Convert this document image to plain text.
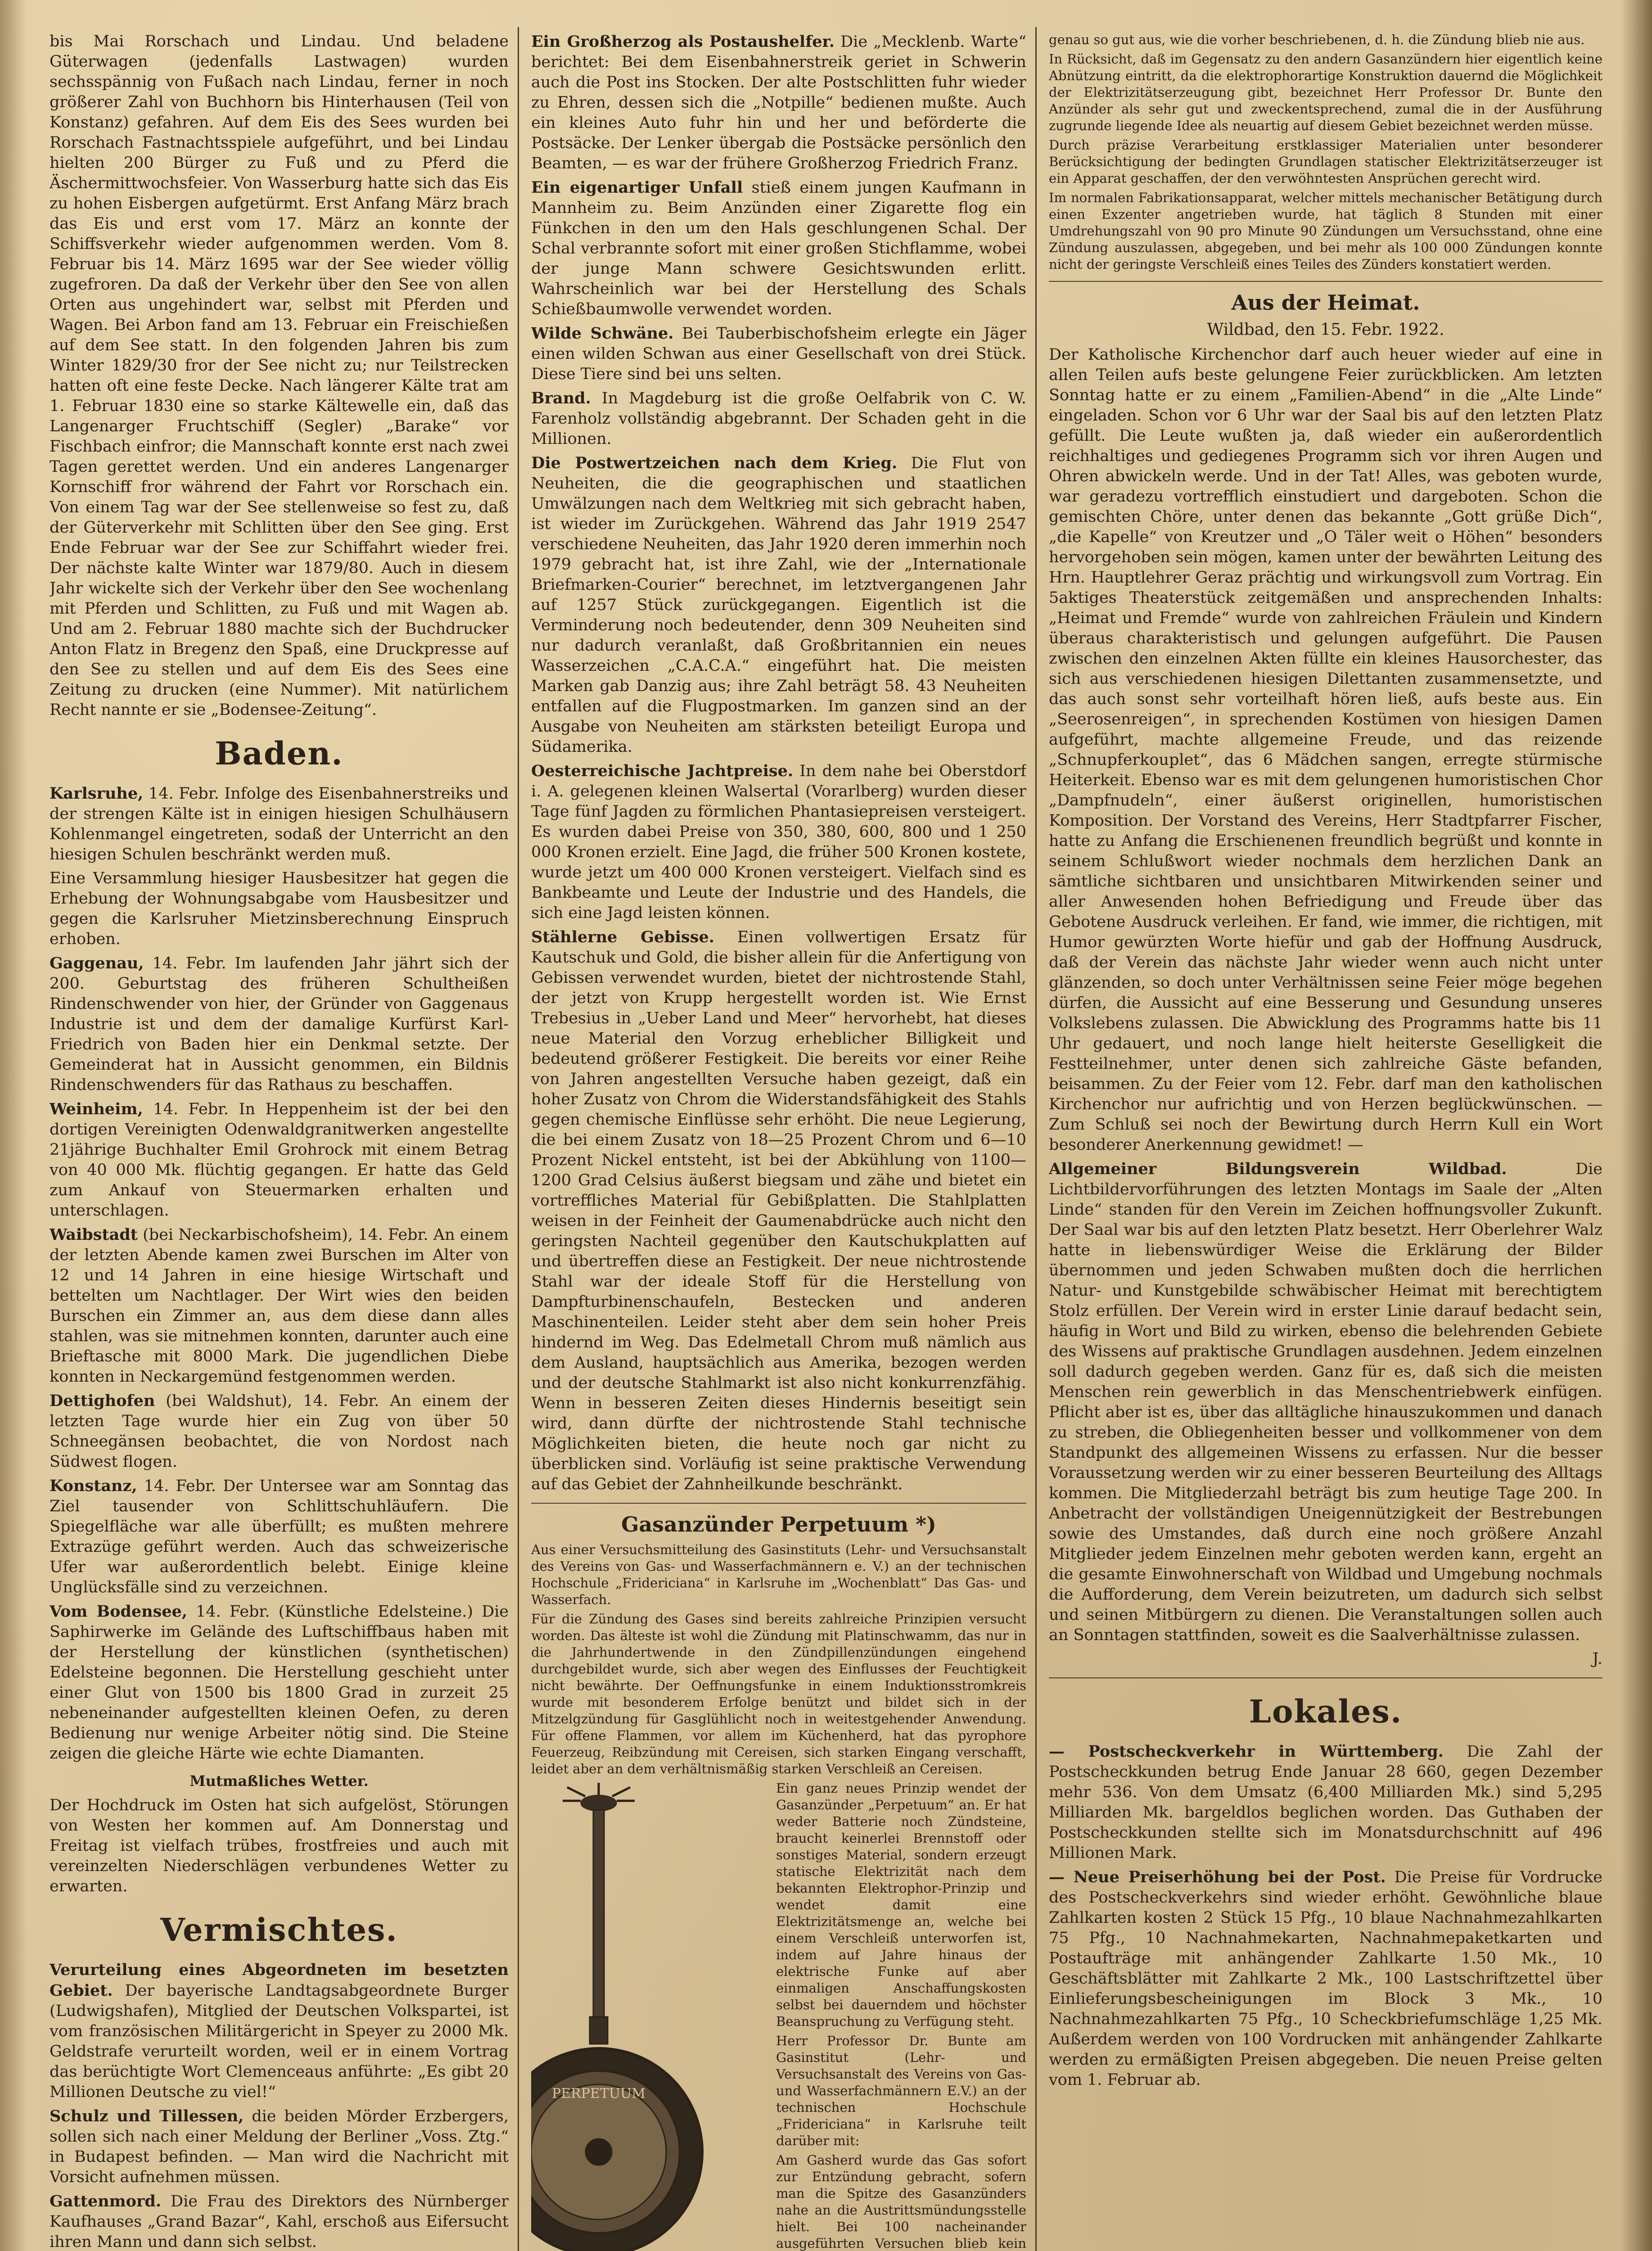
bis Mai Rorschach und Lindau. Und beladene Güterwagen (jedenfalls Lastwagen) wurden sechsspännig von Fußach nach Lindau, ferner in noch größerer Zahl von Buchhorn bis Hinterhausen (Teil von Konstanz) gefahren. Auf dem Eis des Sees wurden bei Rorschach Fastnachtsspiele aufgeführt, und bei Lindau hielten 200 Bürger zu Fuß und zu Pferd die Äschermittwochsfeier. Von Wasserburg hatte sich das Eis zu hohen Eisbergen aufgetürmt. Erst Anfang März brach das Eis und erst vom 17. März an konnte der Schiffsverkehr wieder aufgenommen werden. Vom 8. Februar bis 14. März 1695 war der See wieder völlig zugefroren. Da daß der Verkehr über den See von allen Orten aus ungehindert war, selbst mit Pferden und Wagen. Bei Arbon fand am 13. Februar ein Freischießen auf dem See statt. In den folgenden Jahren bis zum Winter 1829/30 fror der See nicht zu; nur Teilstrecken hatten oft eine feste Decke. Nach längerer Kälte trat am 1. Februar 1830 eine so starke Kältewelle ein, daß das Langenarger Fruchtschiff (Segler) „Barake“ vor Fischbach einfror; die Mannschaft konnte erst nach zwei Tagen gerettet werden. Und ein anderes Langenarger Kornschiff fror während der Fahrt vor Rorschach ein. Von einem Tag war der See stellenweise so fest zu, daß der Güterverkehr mit Schlitten über den See ging. Erst Ende Februar war der See zur Schiffahrt wieder frei. Der nächste kalte Winter war 1879/80. Auch in diesem Jahr wickelte sich der Verkehr über den See wochenlang mit Pferden und Schlitten, zu Fuß und mit Wagen ab. Und am 2. Februar 1880 machte sich der Buchdrucker Anton Flatz in Bregenz den Spaß, eine Druckpresse auf den See zu stellen und auf dem Eis des Sees eine Zeitung zu drucken (eine Nummer). Mit natürlichem Recht nannte er sie „Bodensee-Zeitung“.

Baden.

Karlsruhe, 14. Febr. Infolge des Eisenbahnerstreiks und der strengen Kälte ist in einigen hiesigen Schulhäusern Kohlenmangel eingetreten, sodaß der Unterricht an den hiesigen Schulen beschränkt werden muß.

Eine Versammlung hiesiger Hausbesitzer hat gegen die Erhebung der Wohnungsabgabe vom Hausbesitzer und gegen die Karlsruher Mietzinsberechnung Einspruch erhoben.

Gaggenau, 14. Febr. Im laufenden Jahr jährt sich der 200. Geburtstag des früheren Schultheißen Rindenschwender von hier, der Gründer von Gaggenaus Industrie ist und dem der damalige Kurfürst Karl-Friedrich von Baden hier ein Denkmal setzte. Der Gemeinderat hat in Aussicht genommen, ein Bildnis Rindenschwenders für das Rathaus zu beschaffen.

Weinheim, 14. Febr. In Heppenheim ist der bei den dortigen Vereinigten Odenwaldgranitwerken angestellte 21jährige Buchhalter Emil Grohrock mit einem Betrag von 40 000 Mk. flüchtig gegangen. Er hatte das Geld zum Ankauf von Steuermarken erhalten und unterschlagen.

Waibstadt (bei Neckarbischofsheim), 14. Febr. An einem der letzten Abende kamen zwei Burschen im Alter von 12 und 14 Jahren in eine hiesige Wirtschaft und bettelten um Nachtlager. Der Wirt wies den beiden Burschen ein Zimmer an, aus dem diese dann alles stahlen, was sie mitnehmen konnten, darunter auch eine Brieftasche mit 8000 Mark. Die jugendlichen Diebe konnten in Neckargemünd festgenommen werden.

Dettighofen (bei Waldshut), 14. Febr. An einem der letzten Tage wurde hier ein Zug von über 50 Schneegänsen beobachtet, die von Nordost nach Südwest flogen.

Konstanz, 14. Febr. Der Untersee war am Sonntag das Ziel tausender von Schlittschuhläufern. Die Spiegelfläche war alle überfüllt; es mußten mehrere Extrazüge geführt werden. Auch das schweizerische Ufer war außerordentlich belebt. Einige kleine Unglücksfälle sind zu verzeichnen.

Vom Bodensee, 14. Febr. (Künstliche Edelsteine.) Die Saphirwerke im Gelände des Luftschiffbaus haben mit der Herstellung der künstlichen (synthetischen) Edelsteine begonnen. Die Herstellung geschieht unter einer Glut von 1500 bis 1800 Grad in zurzeit 25 nebeneinander aufgestellten kleinen Oefen, zu deren Bedienung nur wenige Arbeiter nötig sind. Die Steine zeigen die gleiche Härte wie echte Diamanten.

Mutmaßliches Wetter.

Der Hochdruck im Osten hat sich aufgelöst, Störungen von Westen her kommen auf. Am Donnerstag und Freitag ist vielfach trübes, frostfreies und auch mit vereinzelten Niederschlägen verbundenes Wetter zu erwarten.

Vermischtes.

Verurteilung eines Abgeordneten im besetzten Gebiet. Der bayerische Landtagsabgeordnete Burger (Ludwigshafen), Mitglied der Deutschen Volkspartei, ist vom französischen Militärgericht in Speyer zu 2000 Mk. Geldstrafe verurteilt worden, weil er in einem Vortrag das berüchtigte Wort Clemenceaus anführte: „Es gibt 20 Millionen Deutsche zu viel!“

Schulz und Tillessen, die beiden Mörder Erzbergers, sollen sich nach einer Meldung der Berliner „Voss. Ztg.“ in Budapest befinden. — Man wird die Nachricht mit Vorsicht aufnehmen müssen.

Gattenmord. Die Frau des Direktors des Nürnberger Kaufhauses „Grand Bazar“, Kahl, erschoß aus Eifersucht ihren Mann und dann sich selbst.

Ein Großherzog als Postaushelfer. Die „Mecklenb. Warte“ berichtet: Bei dem Eisenbahnerstreik geriet in Schwerin auch die Post ins Stocken. Der alte Postschlitten fuhr wieder zu Ehren, dessen sich die „Notpille“ bedienen mußte. Auch ein kleines Auto fuhr hin und her und beförderte die Postsäcke. Der Lenker übergab die Postsäcke persönlich den Beamten, — es war der frühere Großherzog Friedrich Franz.

Ein eigenartiger Unfall stieß einem jungen Kaufmann in Mannheim zu. Beim Anzünden einer Zigarette flog ein Fünkchen in den um den Hals geschlungenen Schal. Der Schal verbrannte sofort mit einer großen Stichflamme, wobei der junge Mann schwere Gesichtswunden erlitt. Wahrscheinlich war bei der Herstellung des Schals Schießbaumwolle verwendet worden.

Wilde Schwäne. Bei Tauberbischofsheim erlegte ein Jäger einen wilden Schwan aus einer Gesellschaft von drei Stück. Diese Tiere sind bei uns selten.

Brand. In Magdeburg ist die große Oelfabrik von C. W. Farenholz vollständig abgebrannt. Der Schaden geht in die Millionen.

Die Postwertzeichen nach dem Krieg. Die Flut von Neuheiten, die die geographischen und staatlichen Umwälzungen nach dem Weltkrieg mit sich gebracht haben, ist wieder im Zurückgehen. Während das Jahr 1919 2547 verschiedene Neuheiten, das Jahr 1920 deren immerhin noch 1979 gebracht hat, ist ihre Zahl, wie der „Internationale Briefmarken-Courier“ berechnet, im letztvergangenen Jahr auf 1257 Stück zurückgegangen. Eigentlich ist die Verminderung noch bedeutender, denn 309 Neuheiten sind nur dadurch veranlaßt, daß Großbritannien ein neues Wasserzeichen „C.A.C.A.“ eingeführt hat. Die meisten Marken gab Danzig aus; ihre Zahl beträgt 58. 43 Neuheiten entfallen auf die Flugpostmarken. Im ganzen sind an der Ausgabe von Neuheiten am stärksten beteiligt Europa und Südamerika.

Oesterreichische Jachtpreise. In dem nahe bei Oberstdorf i. A. gelegenen kleinen Walsertal (Vorarlberg) wurden dieser Tage fünf Jagden zu förmlichen Phantasiepreisen versteigert. Es wurden dabei Preise von 350, 380, 600, 800 und 1 250 000 Kronen erzielt. Eine Jagd, die früher 500 Kronen kostete, wurde jetzt um 400 000 Kronen versteigert. Vielfach sind es Bankbeamte und Leute der Industrie und des Handels, die sich eine Jagd leisten können.

Stählerne Gebisse. Einen vollwertigen Ersatz für Kautschuk und Gold, die bisher allein für die Anfertigung von Gebissen verwendet wurden, bietet der nichtrostende Stahl, der jetzt von Krupp hergestellt worden ist. Wie Ernst Trebesius in „Ueber Land und Meer“ hervorhebt, hat dieses neue Material den Vorzug erheblicher Billigkeit und bedeutend größerer Festigkeit. Die bereits vor einer Reihe von Jahren angestellten Versuche haben gezeigt, daß ein hoher Zusatz von Chrom die Widerstandsfähigkeit des Stahls gegen chemische Einflüsse sehr erhöht. Die neue Legierung, die bei einem Zusatz von 18—25 Prozent Chrom und 6—10 Prozent Nickel entsteht, ist bei der Abkühlung von 1100—1200 Grad Celsius äußerst biegsam und zähe und bietet ein vortreffliches Material für Gebißplatten. Die Stahlplatten weisen in der Feinheit der Gaumenabdrücke auch nicht den geringsten Nachteil gegenüber den Kautschukplatten auf und übertreffen diese an Festigkeit. Der neue nichtrostende Stahl war der ideale Stoff für die Herstellung von Dampfturbinenschaufeln, Bestecken und anderen Maschinenteilen. Leider steht aber dem sein hoher Preis hindernd im Weg. Das Edelmetall Chrom muß nämlich aus dem Ausland, hauptsächlich aus Amerika, bezogen werden und der deutsche Stahlmarkt ist also nicht konkurrenzfähig. Wenn in besseren Zeiten dieses Hindernis beseitigt sein wird, dann dürfte der nichtrostende Stahl technische Möglichkeiten bieten, die heute noch gar nicht zu überblicken sind. Vorläufig ist seine praktische Verwendung auf das Gebiet der Zahnheilkunde beschränkt.

Gasanzünder Perpetuum *)

Aus einer Versuchsmitteilung des Gasinstituts (Lehr- und Versuchsanstalt des Vereins von Gas- und Wasserfachmännern e. V.) an der technischen Hochschule „Fridericiana“ in Karlsruhe im „Wochenblatt“ Das Gas- und Wasserfach.

Für die Zündung des Gases sind bereits zahlreiche Prinzipien versucht worden. Das älteste ist wohl die Zündung mit Platinschwamm, das nur in die Jahrhundertwende in den Zündpillenzündungen eingehend durchgebildet wurde, sich aber wegen des Einflusses der Feuchtigkeit nicht bewährte. Der Oeffnungsfunke in einem Induktionsstromkreis wurde mit besonderem Erfolge benützt und bildet sich in der Mitzelgzündung für Gasglühlicht noch in weitestgehender Anwendung. Für offene Flammen, vor allem im Küchenherd, hat das pyrophore Feuerzeug, Reibzündung mit Cereisen, sich starken Eingang verschafft, leidet aber an dem verhältnismäßig starken Verschleiß an Cereisen.

PERPETUUM

Ein ganz neues Prinzip wendet der Gasanzünder „Perpetuum“ an. Er hat weder Batterie noch Zündsteine, braucht keinerlei Brennstoff oder sonstiges Material, sondern erzeugt statische Elektrizität nach dem bekannten Elektrophor-Prinzip und wendet damit eine Elektrizitätsmenge an, welche bei einem Verschleiß unterworfen ist, indem auf Jahre hinaus der elektrische Funke auf aber einmaligen Anschaffungskosten selbst bei dauerndem und höchster Beanspruchung zu Verfügung steht.

Herr Professor Dr. Bunte am Gasinstitut (Lehr- und Versuchsanstalt des Vereins von Gas- und Wasserfachmännern E.V.) an der technischen Hochschule „Fridericiana“ in Karlsruhe teilt darüber mit:

Am Gasherd wurde das Gas sofort zur Entzündung gebracht, sofern man die Spitze des Gasanzünders nahe an die Austrittsmündungsstelle hielt. Bei 100 nacheinander ausgeführten Versuchen blieb kein

genau so gut aus, wie die vorher beschriebenen, d. h. die Zündung blieb nie aus.

In Rücksicht, daß im Gegensatz zu den andern Gasanzündern hier eigentlich keine Abnützung eintritt, da die elektrophorartige Konstruktion dauernd die Möglichkeit der Elektrizitätserzeugung gibt, bezeichnet Herr Professor Dr. Bunte den Anzünder als sehr gut und zweckentsprechend, zumal die in der Ausführung zugrunde liegende Idee als neuartig auf diesem Gebiet bezeichnet werden müsse.

Durch präzise Verarbeitung erstklassiger Materialien unter besonderer Berücksichtigung der bedingten Grundlagen statischer Elektrizitätserzeuger ist ein Apparat geschaffen, der den verwöhntesten Ansprüchen gerecht wird.

Im normalen Fabrikationsapparat, welcher mittels mechanischer Betätigung durch einen Exzenter angetrieben wurde, hat täglich 8 Stunden mit einer Umdrehungszahl von 90 pro Minute 90 Zündungen um Versuchsstand, ohne eine Zündung auszulassen, abgegeben, und bei mehr als 100 000 Zündungen konnte nicht der geringste Verschleiß eines Teiles des Zünders konstatiert werden.

Aus der Heimat.
Wildbad, den 15. Febr. 1922.

Der Katholische Kirchenchor darf auch heuer wieder auf eine in allen Teilen aufs beste gelungene Feier zurückblicken. Am letzten Sonntag hatte er zu einem „Familien-Abend“ in die „Alte Linde“ eingeladen. Schon vor 6 Uhr war der Saal bis auf den letzten Platz gefüllt. Die Leute wußten ja, daß wieder ein außerordentlich reichhaltiges und gediegenes Programm sich vor ihren Augen und Ohren abwickeln werde. Und in der Tat! Alles, was geboten wurde, war geradezu vortrefflich einstudiert und dargeboten. Schon die gemischten Chöre, unter denen das bekannte „Gott grüße Dich“, „die Kapelle“ von Kreutzer und „O Täler weit o Höhen“ besonders hervorgehoben sein mögen, kamen unter der bewährten Leitung des Hrn. Hauptlehrer Geraz prächtig und wirkungsvoll zum Vortrag. Ein 5aktiges Theaterstück zeitgemäßen und ansprechenden Inhalts: „Heimat und Fremde“ wurde von zahlreichen Fräulein und Kindern überaus charakteristisch und gelungen aufgeführt. Die Pausen zwischen den einzelnen Akten füllte ein kleines Hausorchester, das sich aus verschiedenen hiesigen Dilettanten zusammensetzte, und das auch sonst sehr vorteilhaft hören ließ, aufs beste aus. Ein „Seerosenreigen“, in sprechenden Kostümen von hiesigen Damen aufgeführt, machte allgemeine Freude, und das reizende „Schnupferkouplet“, das 6 Mädchen sangen, erregte stürmische Heiterkeit. Ebenso war es mit dem gelungenen humoristischen Chor „Dampfnudeln“, einer äußerst originellen, humoristischen Komposition. Der Vorstand des Vereins, Herr Stadtpfarrer Fischer, hatte zu Anfang die Erschienenen freundlich begrüßt und konnte in seinem Schlußwort wieder nochmals dem herzlichen Dank an sämtliche sichtbaren und unsichtbaren Mitwirkenden seiner und aller Anwesenden hohen Befriedigung und Freude über das Gebotene Ausdruck verleihen. Er fand, wie immer, die richtigen, mit Humor gewürzten Worte hiefür und gab der Hoffnung Ausdruck, daß der Verein das nächste Jahr wieder wenn auch nicht unter glänzenden, so doch unter Verhältnissen seine Feier möge begehen dürfen, die Aussicht auf eine Besserung und Gesundung unseres Volkslebens zulassen. Die Abwicklung des Programms hatte bis 11 Uhr gedauert, und noch lange hielt heiterste Geselligkeit die Festteilnehmer, unter denen sich zahlreiche Gäste befanden, beisammen. Zu der Feier vom 12. Febr. darf man den katholischen Kirchenchor nur aufrichtig und von Herzen beglückwünschen. — Zum Schluß sei noch der Bewirtung durch Herrn Kull ein Wort besonderer Anerkennung gewidmet! —

Allgemeiner Bildungsverein Wildbad. Die Lichtbildervorführungen des letzten Montags im Saale der „Alten Linde“ standen für den Verein im Zeichen hoffnungsvoller Zukunft. Der Saal war bis auf den letzten Platz besetzt. Herr Oberlehrer Walz hatte in liebenswürdiger Weise die Erklärung der Bilder übernommen und jeden Schwaben mußten doch die herrlichen Natur- und Kunstgebilde schwäbischer Heimat mit berechtigtem Stolz erfüllen. Der Verein wird in erster Linie darauf bedacht sein, häufig in Wort und Bild zu wirken, ebenso die belehrenden Gebiete des Wissens auf praktische Grundlagen ausdehnen. Jedem einzelnen soll dadurch gegeben werden. Ganz für es, daß sich die meisten Menschen rein gewerblich in das Menschentriebwerk einfügen. Pflicht aber ist es, über das alltägliche hinauszukommen und danach zu streben, die Obliegenheiten besser und vollkommener von dem Standpunkt des allgemeinen Wissens zu erfassen. Nur die besser Voraussetzung werden wir zu einer besseren Beurteilung des Alltags kommen. Die Mitgliederzahl beträgt bis zum heutige Tage 200. In Anbetracht der vollständigen Uneigennützigkeit der Bestrebungen sowie des Umstandes, daß durch eine noch größere Anzahl Mitglieder jedem Einzelnen mehr geboten werden kann, ergeht an die gesamte Einwohnerschaft von Wildbad und Umgebung nochmals die Aufforderung, dem Verein beizutreten, um dadurch sich selbst und seinen Mitbürgern zu dienen. Die Veranstaltungen sollen auch an Sonntagen stattfinden, soweit es die Saalverhältnisse zulassen.

J.

Lokales.

— Postscheckverkehr in Württemberg. Die Zahl der Postscheckkunden betrug Ende Januar 28 660, gegen Dezember mehr 536. Von dem Umsatz (6,400 Milliarden Mk.) sind 5,295 Milliarden Mk. bargeldlos beglichen worden. Das Guthaben der Postscheckkunden stellte sich im Monatsdurchschnitt auf 496 Millionen Mark.

— Neue Preiserhöhung bei der Post. Die Preise für Vordrucke des Postscheckverkehrs sind wieder erhöht. Gewöhnliche blaue Zahlkarten kosten 2 Stück 15 Pfg., 10 blaue Nachnahmezahlkarten 75 Pfg., 10 Nachnahmekarten, Nachnahmepaketkarten und Postaufträge mit anhängender Zahlkarte 1.50 Mk., 10 Geschäftsblätter mit Zahlkarte 2 Mk., 100 Lastschriftzettel über Einlieferungsbescheinigungen im Block 3 Mk., 10 Nachnahmezahlkarten 75 Pfg., 10 Scheckbriefumschläge 1,25 Mk. Außerdem werden von 100 Vordrucken mit anhängender Zahlkarte werden zu ermäßigten Preisen abgegeben. Die neuen Preise gelten vom 1. Februar ab.
